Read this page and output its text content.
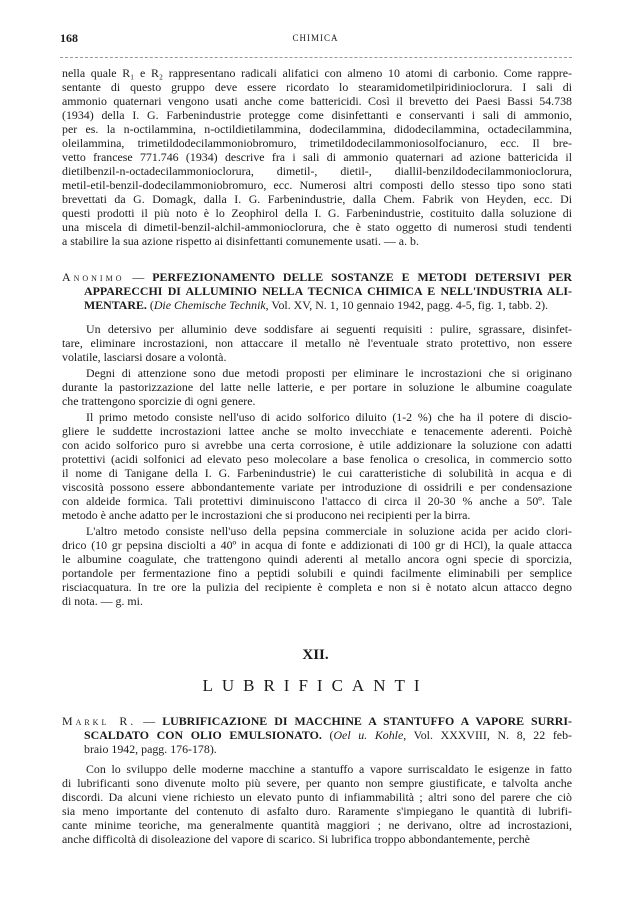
168	CHIMICA
nella quale R₁ e R₂ rappresentano radicali alifatici con almeno 10 atomi di carbonio. Come rappre-
sentante di questo gruppo deve essere ricordato lo stearamidometilpiridinioclorura. I sali di
ammonio quaternari vengono usati anche come battericidi. Così il brevetto dei Paesi Bassi 54.738
(1934) della I. G. Farbenindustrie protegge come disinfettanti e conservanti i sali di ammonio,
per es. la n-octilammina, n-octildietilammina, dodecilammina, didodecilammina, octadecilammina,
oleilammina, trimetildodecilammoniobromuro, trimetildodecilammoniosolfocianuro, ecc. Il bre-
vetto francese 771.746 (1934) descrive fra i sali di ammonio quaternari ad azione battericida il
dietilbenzil-n-octadecilammonioclorura, dimetil-, dietil-, diallil-benzildodecilammonioclorura,
metil-etil-benzil-dodecilammoniobromuro, ecc. Numerosi altri composti dello stesso tipo sono stati
brevettati da G. Domagk, dalla I. G. Farbenindustrie, dalla Chem. Fabrik von Heyden, ecc. Di
questi prodotti il più noto è lo Zeophirol della I. G. Farbenindustrie, costituito dalla soluzione di
una miscela di dimetil-benzil-alchil-ammonioclorura, che è stato oggetto di numerosi studi tendenti
a stabilire la sua azione rispetto ai disinfettanti comunemente usati. — a. b.
Anonimo — PERFEZIONAMENTO DELLE SOSTANZE E METODI DETERSIVI PER
APPARECCHI DI ALLUMINIO NELLA TECNICA CHIMICA E NELL'INDUSTRIA ALI-
MENTARE. (Die Chemische Technik, Vol. XV, N. 1, 10 gennaio 1942, pagg. 4-5, fig. 1, tabb. 2).
Un detersivo per alluminio deve soddisfare ai seguenti requisiti : pulire, sgrassare, disinfet-
tare, eliminare incrostazioni, non attaccare il metallo nè l'eventuale strato protettivo, non essere
volatile, lasciarsi dosare a volontà.
Degni di attenzione sono due metodi proposti per eliminare le incrostazioni che si originano
durante la pastorizzazione del latte nelle latterie, e per portare in soluzione le albumine coagulate
che trattengono sporcizie di ogni genere.
Il primo metodo consiste nell'uso di acido solforico diluito (1-2 %) che ha il potere di discio-
gliere le suddette incrostazioni lattee anche se molto invecchiate e tenacemente aderenti. Poichè
con acido solforico puro si avrebbe una certa corrosione, è utile addizionare la soluzione con adatti
protettivi (acidi solfonici ad elevato peso molecolare a base fenolica o cresolica, in commercio sotto
il nome di Tanigane della I. G. Farbenindustrie) le cui caratteristiche di solubilità in acqua e di
viscosità possono essere abbondantemente variate per introduzione di ossidrili e per condensazione
con aldeide formica. Tali protettivi diminuiscono l'attacco di circa il 20-30 % anche a 50º. Tale
metodo è anche adatto per le incrostazioni che si producono nei recipienti per la birra.
L'altro metodo consiste nell'uso della pepsina commerciale in soluzione acida per acido clori-
drico (10 gr pepsina disciolti a 40º in acqua di fonte e addizionati di 100 gr di HCl), la quale attacca
le albumine coagulate, che trattengono quindi aderenti al metallo ancora ogni specie di sporcizia,
portandole per fermentazione fino a peptidi solubili e quindi facilmente eliminabili per semplice
risciacquatura. In tre ore la pulizia del recipiente è completa e non si è notato alcun attacco degno
di nota. — g. mi.
XII.
LUBRIFICANTI
Markl R. — LUBRIFICAZIONE DI MACCHINE A STANTUFFO A VAPORE SURRI-
SCALDATO CON OLIO EMULSIONATO. (Oel u. Kohle, Vol. XXXVIII, N. 8, 22 feb-
braio 1942, pagg. 176-178).
Con lo sviluppo delle moderne macchine a stantuffo a vapore surriscaldato le esigenze in fatto
di lubrificanti sono divenute molto più severe, per quanto non sempre giustificate, e talvolta anche
discordi. Da alcuni viene richiesto un elevato punto di infiammabilità ; altri sono del parere che ciò
sia meno importante del contenuto di asfalto duro. Raramente s'impiegano le quantità di lubrifi-
cante minime teoriche, ma generalmente quantità maggiori ; ne derivano, oltre ad incrostazioni,
anche difficoltà di disoleazione del vapore di scarico. Si lubrifica troppo abbondantemente, perchè
